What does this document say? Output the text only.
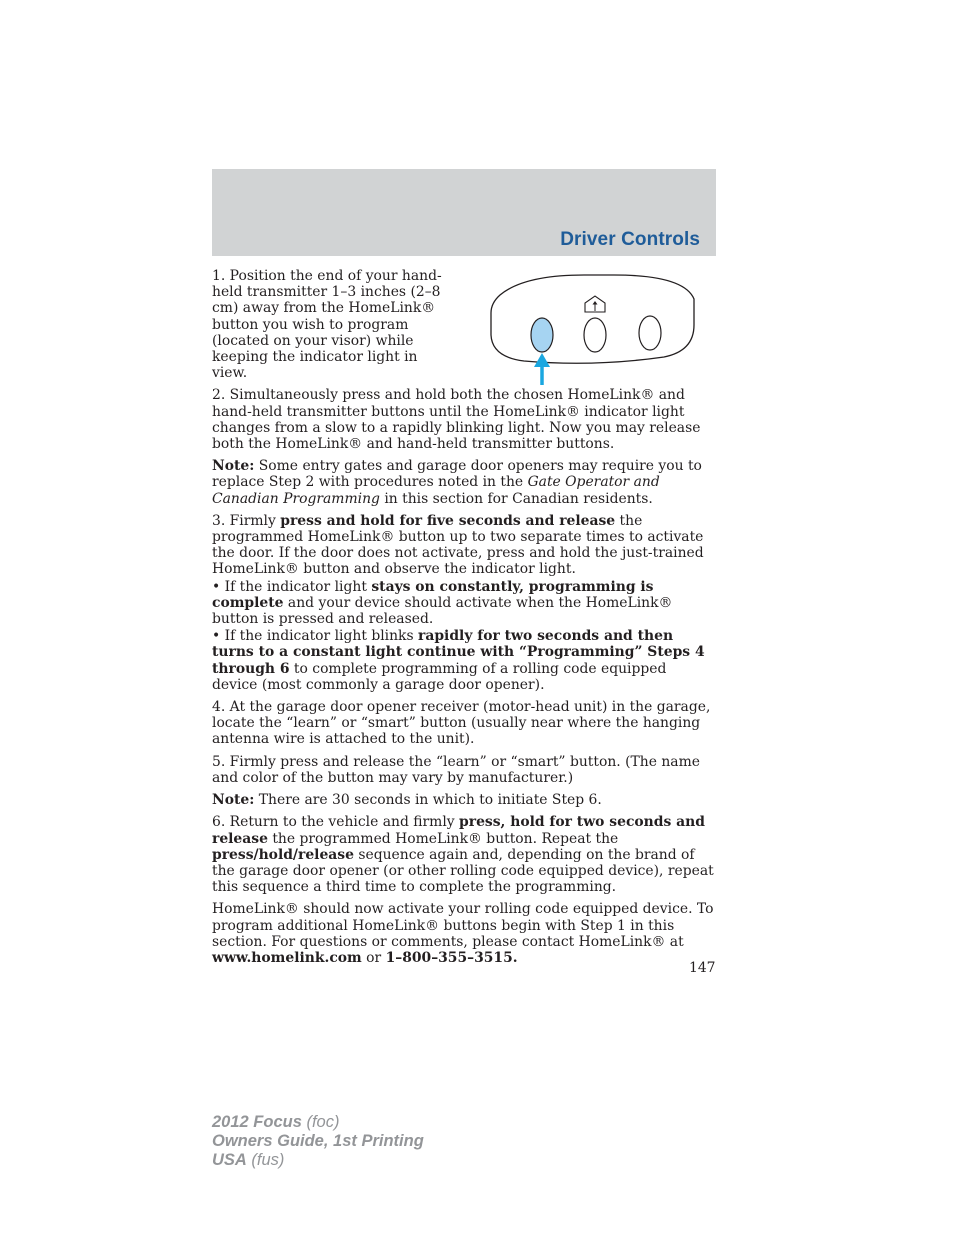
Driver Controls

1. Position the end of your hand-held transmitter 1–3 inches (2–8 cm) away from the HomeLink® button you wish to program (located on your visor) while keeping the indicator light in view.

2. Simultaneously press and hold both the chosen HomeLink® and hand-held transmitter buttons until the HomeLink® indicator light changes from a slow to a rapidly blinking light. Now you may release both the HomeLink® and hand-held transmitter buttons.

Note: Some entry gates and garage door openers may require you to replace Step 2 with procedures noted in the Gate Operator and Canadian Programming in this section for Canadian residents.

3. Firmly press and hold for five seconds and release the programmed HomeLink® button up to two separate times to activate the door. If the door does not activate, press and hold the just-trained HomeLink® button and observe the indicator light.

• If the indicator light stays on constantly, programming is complete and your device should activate when the HomeLink® button is pressed and released.

• If the indicator light blinks rapidly for two seconds and then turns to a constant light continue with “Programming” Steps 4 through 6 to complete programming of a rolling code equipped device (most commonly a garage door opener).

4. At the garage door opener receiver (motor-head unit) in the garage, locate the “learn” or “smart” button (usually near where the hanging antenna wire is attached to the unit).

5. Firmly press and release the “learn” or “smart” button. (The name and color of the button may vary by manufacturer.)

Note: There are 30 seconds in which to initiate Step 6.

6. Return to the vehicle and firmly press, hold for two seconds and release the programmed HomeLink® button. Repeat the press/hold/release sequence again and, depending on the brand of the garage door opener (or other rolling code equipped device), repeat this sequence a third time to complete the programming.

HomeLink® should now activate your rolling code equipped device. To program additional HomeLink® buttons begin with Step 1 in this section. For questions or comments, please contact HomeLink® at www.homelink.com or 1–800–355–3515.

147
2012 Focus (foc)
Owners Guide, 1st Printing
USA (fus)
